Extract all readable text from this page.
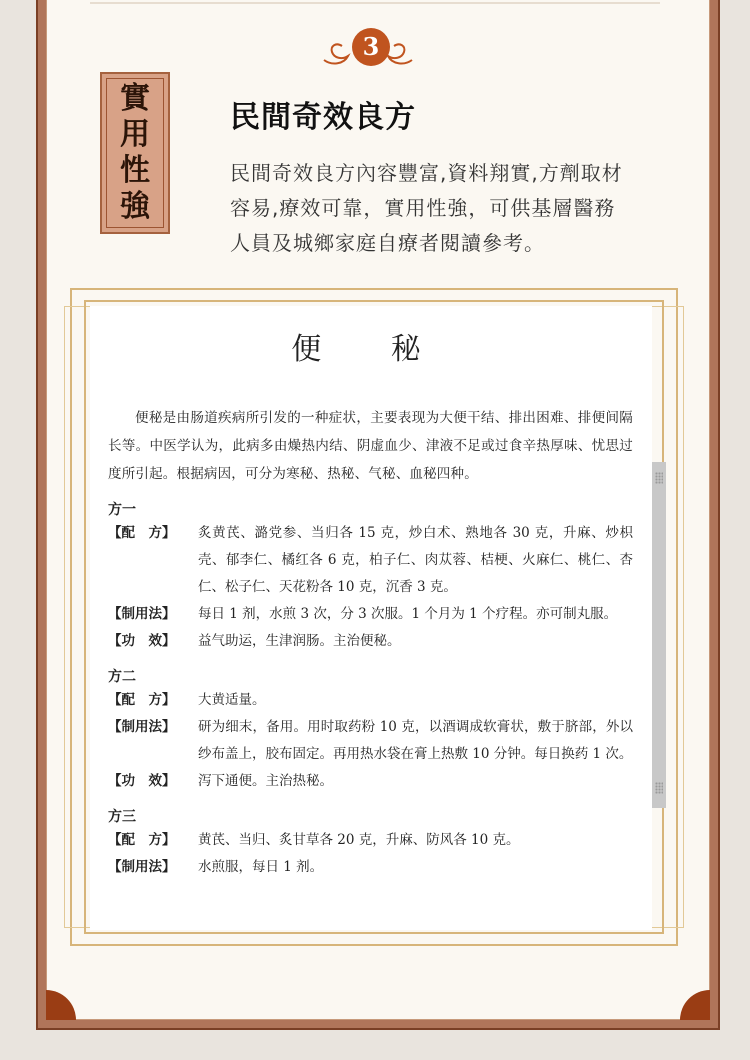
3
實
用
性
強
民間奇效良方
民間奇效良方內容豐富,資料翔實,方劑取材
容易,療效可靠，實用性強，可供基層醫務
人員及城鄉家庭自療者閱讀參考。
便 秘
便秘是由肠道疾病所引发的一种症状，主要表现为大便干结、排出困难、排便间隔长等。中医学认为，此病多由燥热内结、阴虚血少、津液不足或过食辛热厚味、忧思过度所引起。根据病因，可分为寒秘、热秘、气秘、血秘四种。
方一
【配　方】	炙黄芪、潞党参、当归各 15 克，炒白术、熟地各 30 克，升麻、炒枳壳、郁李仁、橘红各 6 克，柏子仁、肉苁蓉、桔梗、火麻仁、桃仁、杏仁、松子仁、天花粉各 10 克，沉香 3 克。
【制用法】	每日 1 剂，水煎 3 次，分 3 次服。1 个月为 1 个疗程。亦可制丸服。
【功　效】	益气助运，生津润肠。主治便秘。
方二
【配　方】	大黄适量。
【制用法】	研为细末，备用。用时取药粉 10 克，以酒调成软膏状，敷于脐部，外以纱布盖上，胶布固定。再用热水袋在膏上热敷 10 分钟。每日换药 1 次。
【功　效】	泻下通便。主治热秘。
方三
【配　方】	黄芪、当归、炙甘草各 20 克，升麻、防风各 10 克。
【制用法】	水煎服，每日 1 剂。
